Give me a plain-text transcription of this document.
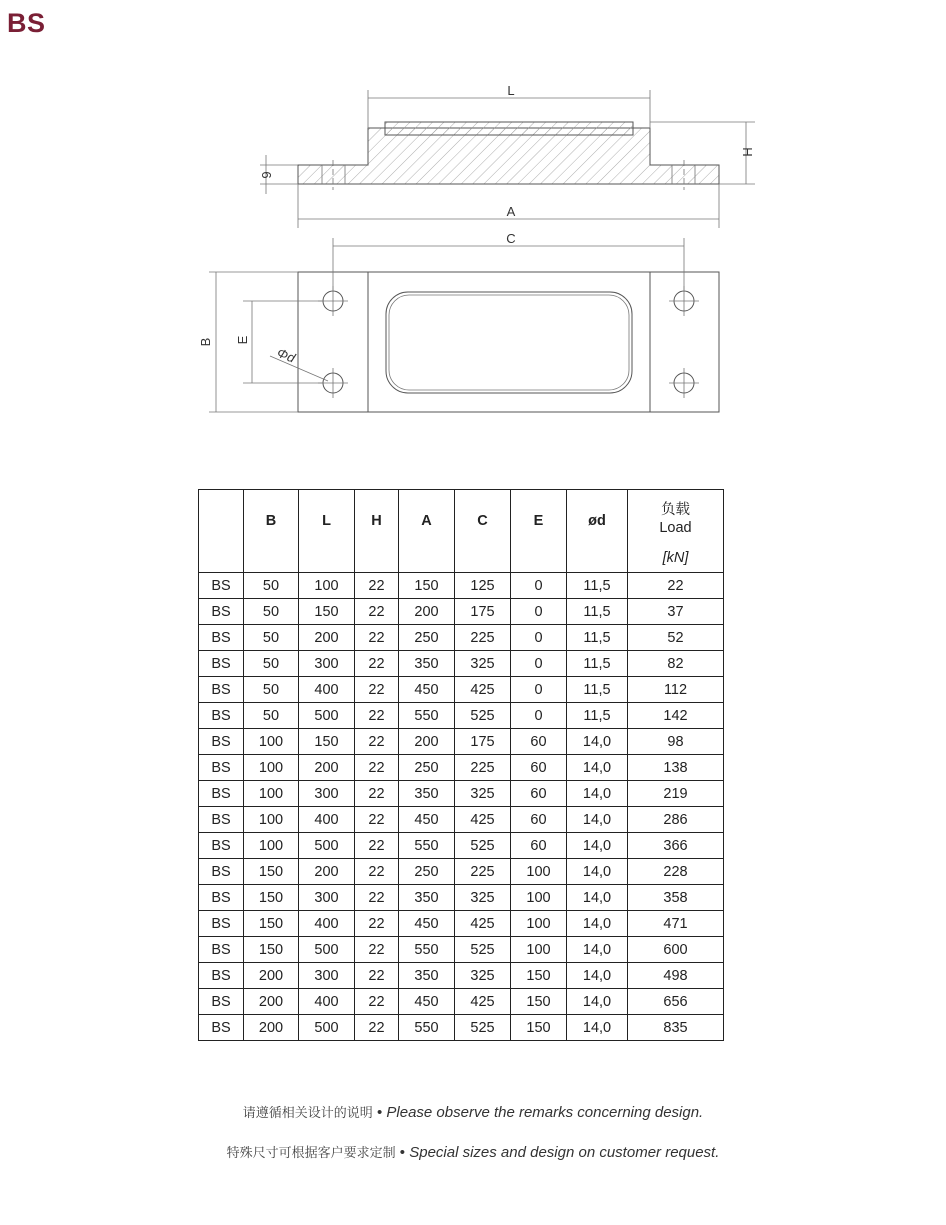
BS
L
H
6
A
C
B E
Φd
	B	L	H	A	C	E	ød	负载
Load
[kN]

BS	50	100	22	150	125	0	11,5	22
BS	50	150	22	200	175	0	11,5	37
BS	50	200	22	250	225	0	11,5	52
BS	50	300	22	350	325	0	11,5	82
BS	50	400	22	450	425	0	11,5	112
BS	50	500	22	550	525	0	11,5	142
BS	100	150	22	200	175	60	14,0	98
BS	100	200	22	250	225	60	14,0	138
BS	100	300	22	350	325	60	14,0	219
BS	100	400	22	450	425	60	14,0	286
BS	100	500	22	550	525	60	14,0	366
BS	150	200	22	250	225	100	14,0	228
BS	150	300	22	350	325	100	14,0	358
BS	150	400	22	450	425	100	14,0	471
BS	150	500	22	550	525	100	14,0	600
BS	200	300	22	350	325	150	14,0	498
BS	200	400	22	450	425	150	14,0	656
BS	200	500	22	550	525	150	14,0	835
请遵循相关设计的说明 • Please observe the remarks concerning design.
特殊尺寸可根据客户要求定制 • Special sizes and design on customer request.
